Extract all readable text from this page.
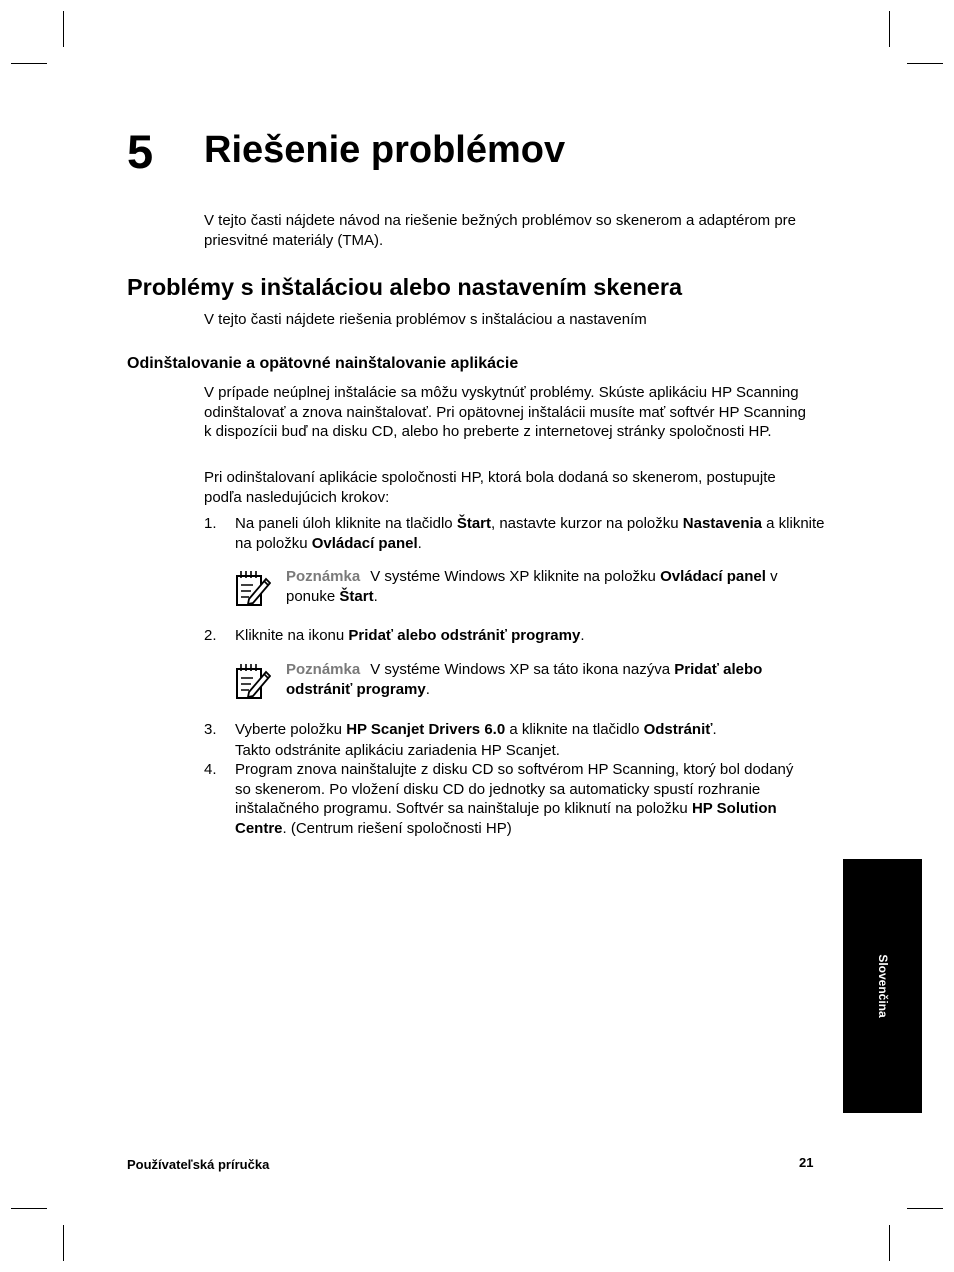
5 Riešenie problémov

V tejto časti nájdete návod na riešenie bežných problémov so skenerom a adaptérom pre priesvitné materiály (TMA).

Problémy s inštaláciou alebo nastavením skenera

V tejto časti nájdete riešenia problémov s inštaláciou a nastavením

Odinštalovanie a opätovné nainštalovanie aplikácie

V prípade neúplnej inštalácie sa môžu vyskytnúť problémy. Skúste aplikáciu HP Scanning odinštalovať a znova nainštalovať. Pri opätovnej inštalácii musíte mať softvér HP Scanning k dispozícii buď na disku CD, alebo ho preberte z internetovej stránky spoločnosti HP.

Pri odinštalovaní aplikácie spoločnosti HP, ktorá bola dodaná so skenerom, postupujte podľa nasledujúcich krokov:

1. Na paneli úloh kliknite na tlačidlo Štart, nastavte kurzor na položku Nastavenia a kliknite na položku Ovládací panel.

Poznámka V systéme Windows XP kliknite na položku Ovládací panel v ponuke Štart.

2. Kliknite na ikonu Pridať alebo odstrániť programy.

Poznámka V systéme Windows XP sa táto ikona nazýva Pridať alebo odstrániť programy.

3. Vyberte položku HP Scanjet Drivers 6.0 a kliknite na tlačidlo Odstrániť.

Takto odstránite aplikáciu zariadenia HP Scanjet.

4. Program znova nainštalujte z disku CD so softvérom HP Scanning, ktorý bol dodaný so skenerom. Po vložení disku CD do jednotky sa automaticky spustí rozhranie inštalačného programu. Softvér sa nainštaluje po kliknutí na položku HP Solution Centre. (Centrum riešení spoločnosti HP)

Slovenčina
Používateľská príručka	21
